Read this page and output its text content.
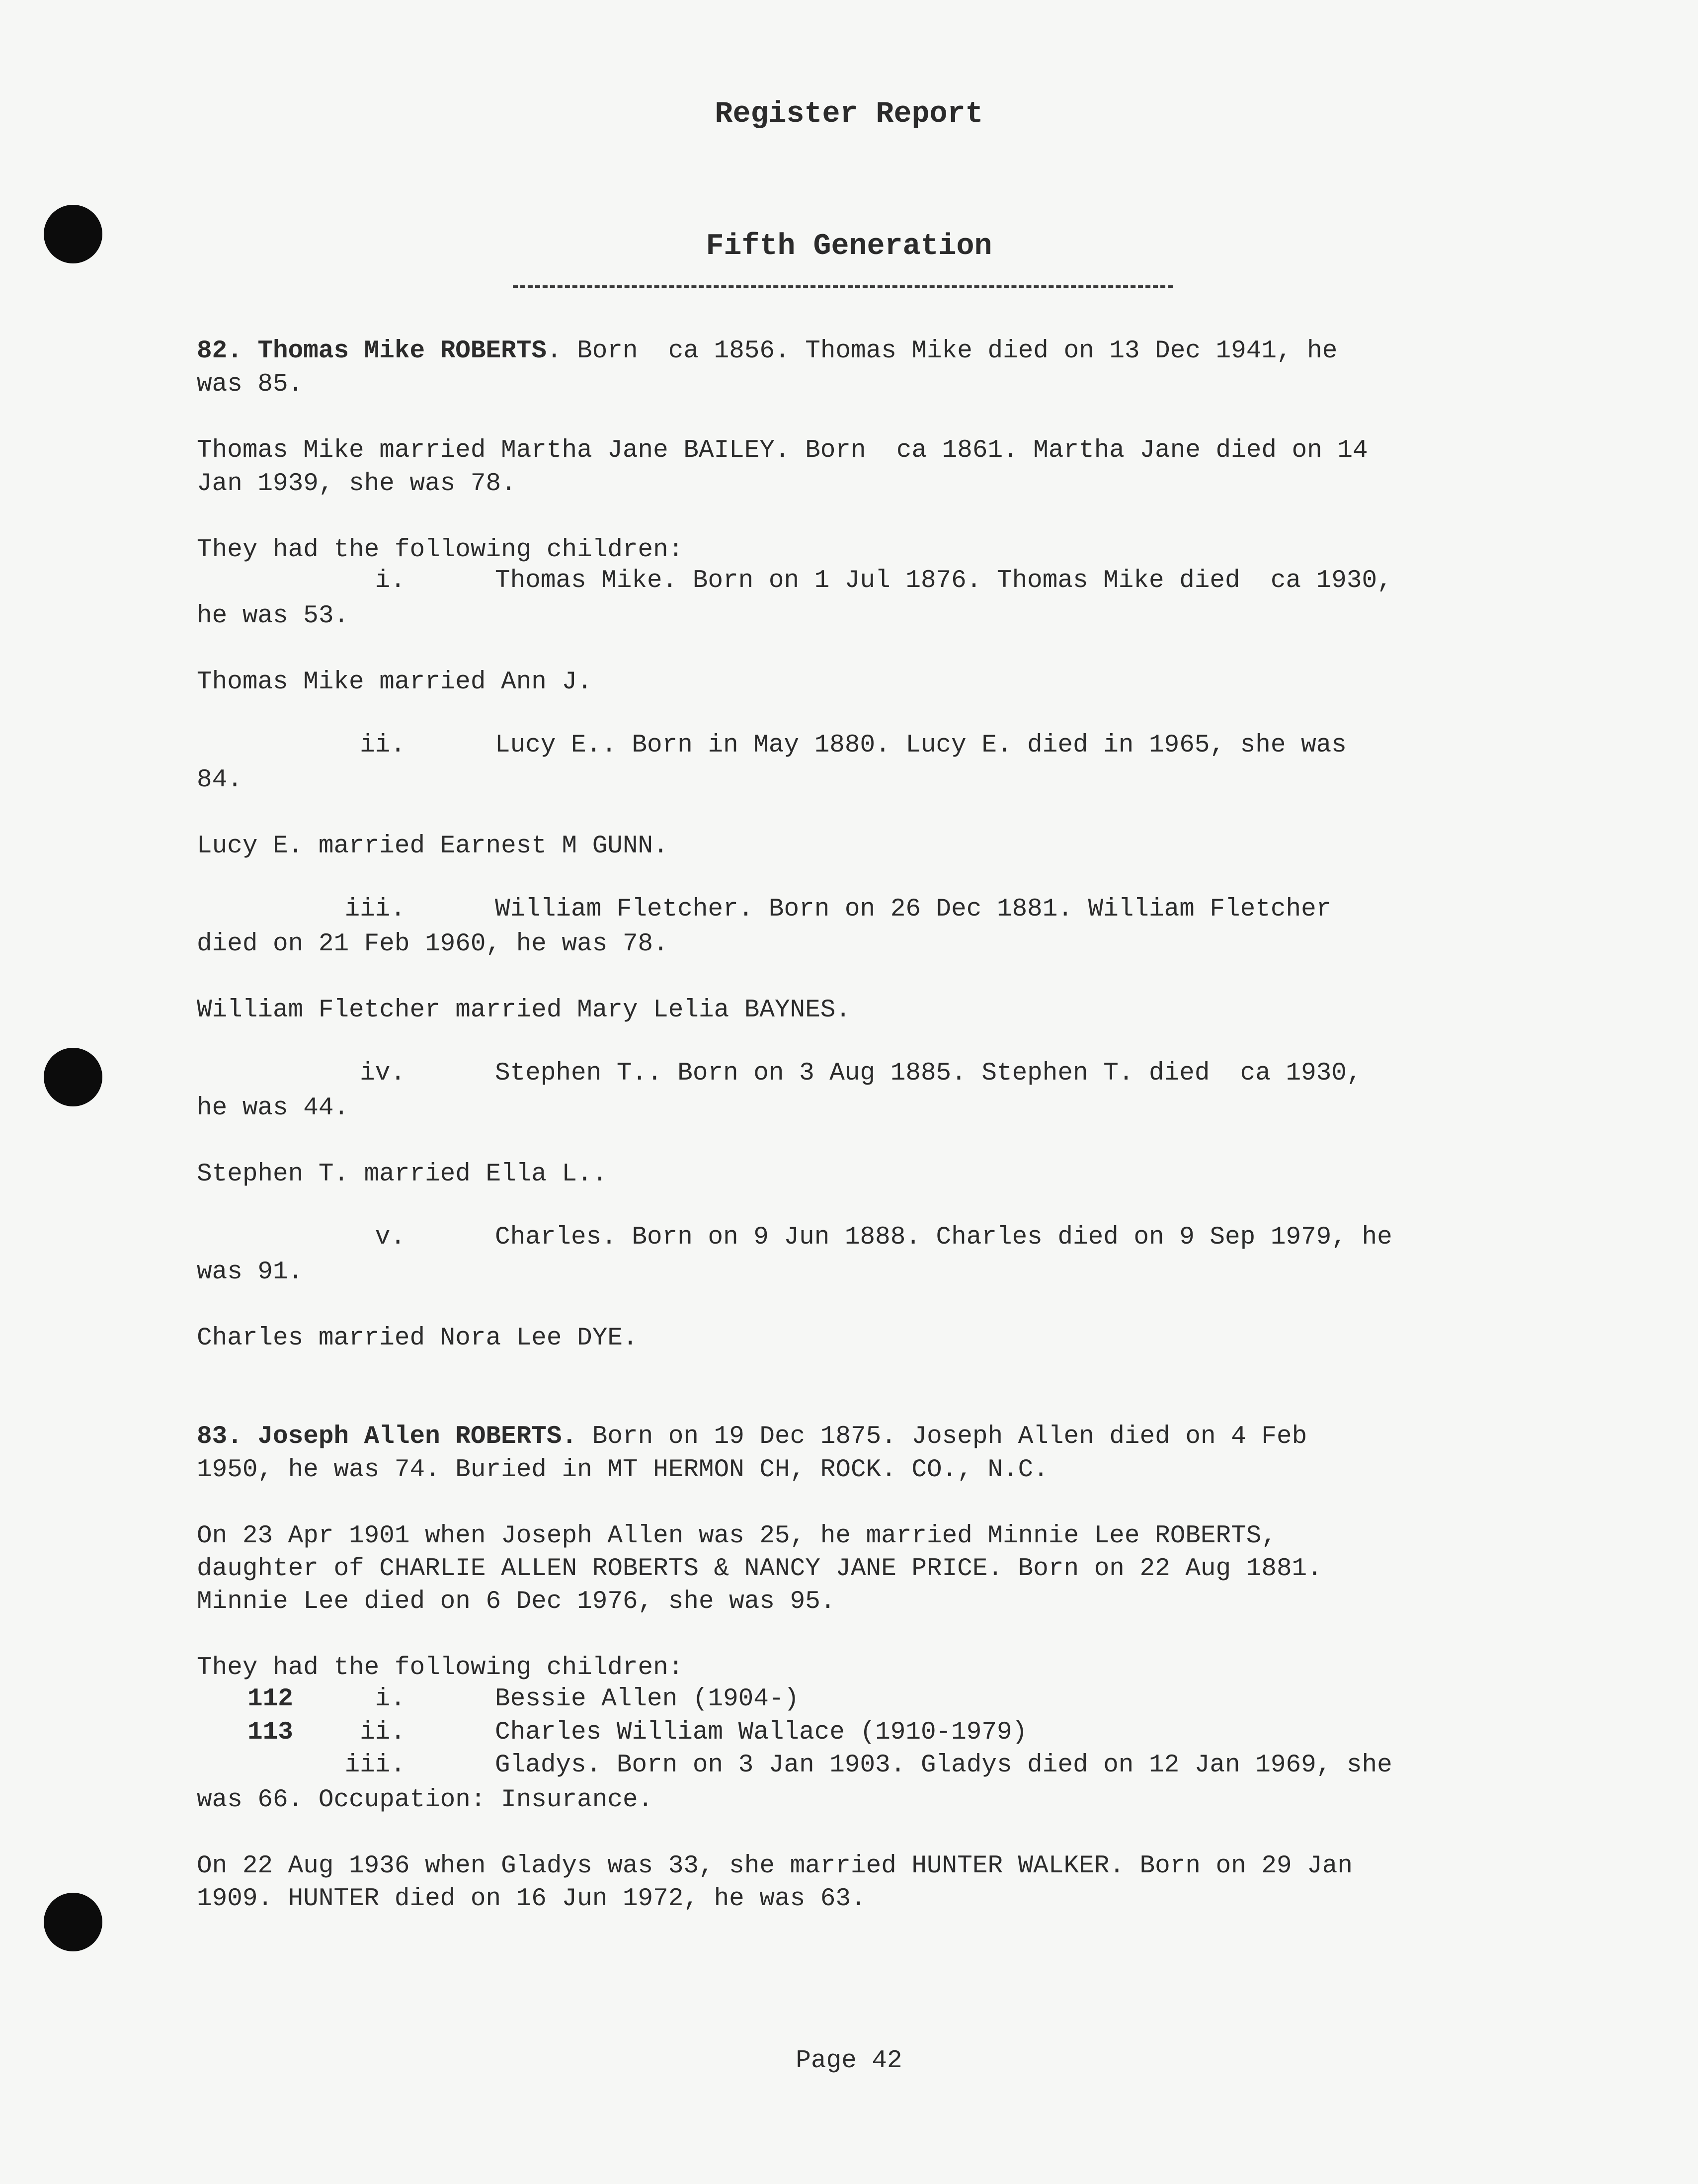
Register Report
Fifth Generation
82. Thomas Mike ROBERTS. Born  ca 1856. Thomas Mike died on 13 Dec 1941, he
was 85.
Thomas Mike married Martha Jane BAILEY. Born  ca 1861. Martha Jane died on 14
Jan 1939, she was 78.
They had the following children:
i.	Thomas Mike. Born on 1 Jul 1876. Thomas Mike died  ca 1930,
he was 53.
Thomas Mike married Ann J.
ii.	Lucy E.. Born in May 1880. Lucy E. died in 1965, she was
84.
Lucy E. married Earnest M GUNN.
iii.	William Fletcher. Born on 26 Dec 1881. William Fletcher
died on 21 Feb 1960, he was 78.
William Fletcher married Mary Lelia BAYNES.
iv.	Stephen T.. Born on 3 Aug 1885. Stephen T. died  ca 1930,
he was 44.
Stephen T. married Ella L..
v.	Charles. Born on 9 Jun 1888. Charles died on 9 Sep 1979, he
was 91.
Charles married Nora Lee DYE.
83. Joseph Allen ROBERTS. Born on 19 Dec 1875. Joseph Allen died on 4 Feb
1950, he was 74. Buried in MT HERMON CH, ROCK. CO., N.C.
On 23 Apr 1901 when Joseph Allen was 25, he married Minnie Lee ROBERTS,
daughter of CHARLIE ALLEN ROBERTS & NANCY JANE PRICE. Born on 22 Aug 1881.
Minnie Lee died on 6 Dec 1976, she was 95.
They had the following children:
112	i.	Bessie Allen (1904-)
113	ii.	Charles William Wallace (1910-1979)
iii.	Gladys. Born on 3 Jan 1903. Gladys died on 12 Jan 1969, she
was 66. Occupation: Insurance.
On 22 Aug 1936 when Gladys was 33, she married HUNTER WALKER. Born on 29 Jan
1909. HUNTER died on 16 Jun 1972, he was 63.
Page 42
